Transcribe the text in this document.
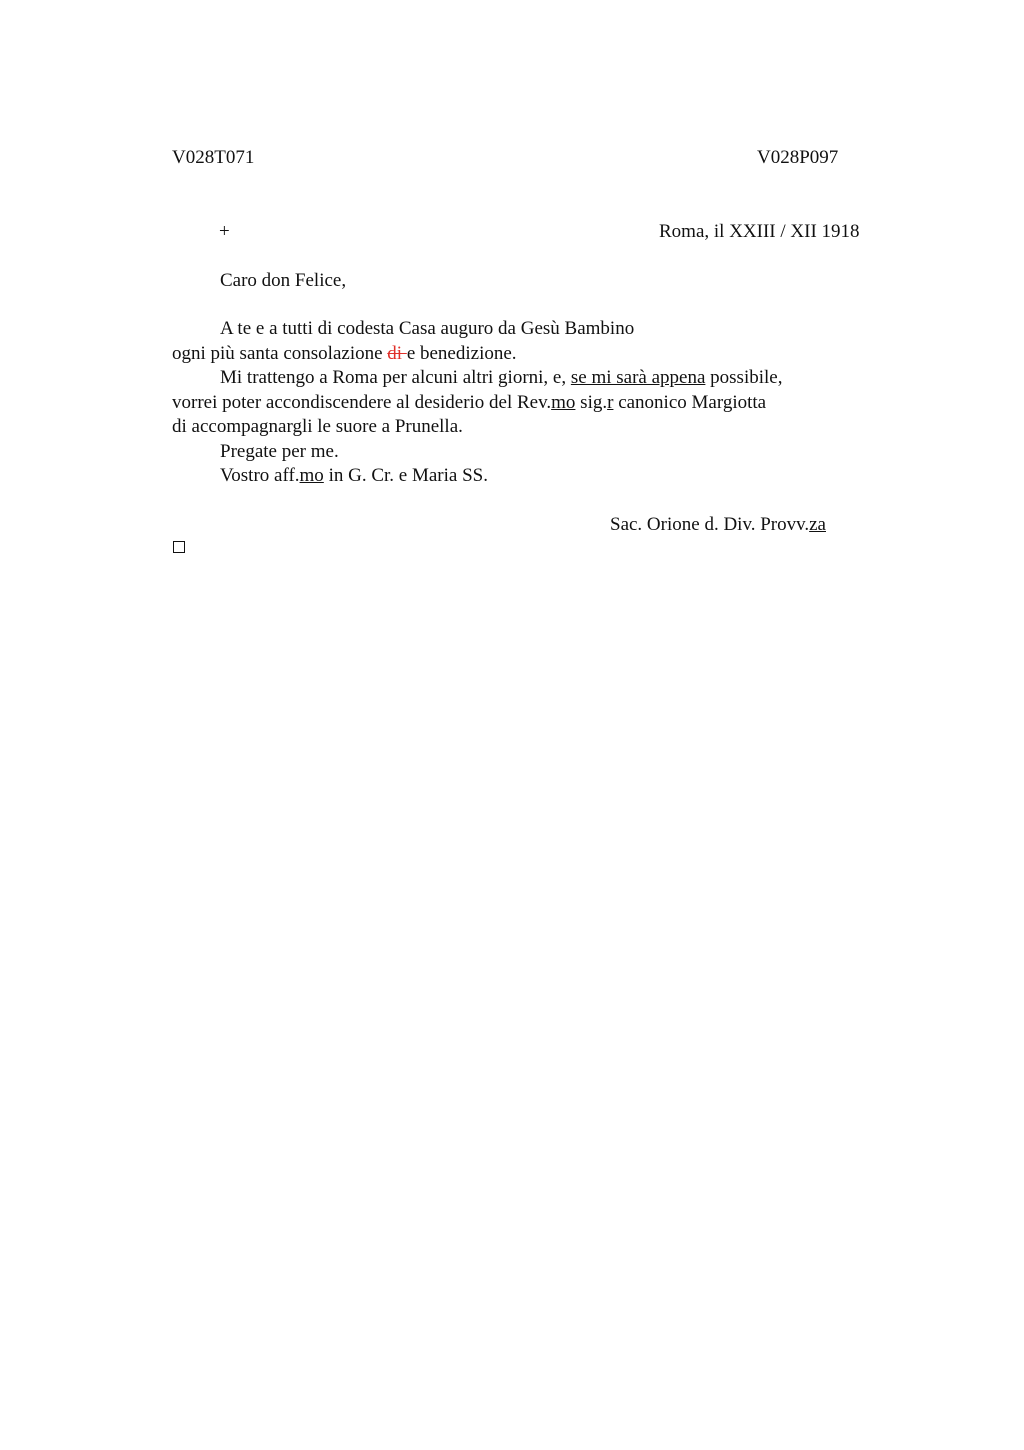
V028T071	V028P097
+	Roma, il XXIII / XII 1918
Caro don Felice,
A te e a tutti di codesta Casa auguro da Gesù Bambino
ogni più santa consolazione di e benedizione.
Mi trattengo a Roma per alcuni altri giorni, e, se mi sarà appena possibile,
vorrei poter accondiscendere al desiderio del Rev.mo sig.r canonico Margiotta
di accompagnargli le suore a Prunella.
Pregate per me.
Vostro aff.mo in G. Cr. e Maria SS.
Sac. Orione d. Div. Provv.za
